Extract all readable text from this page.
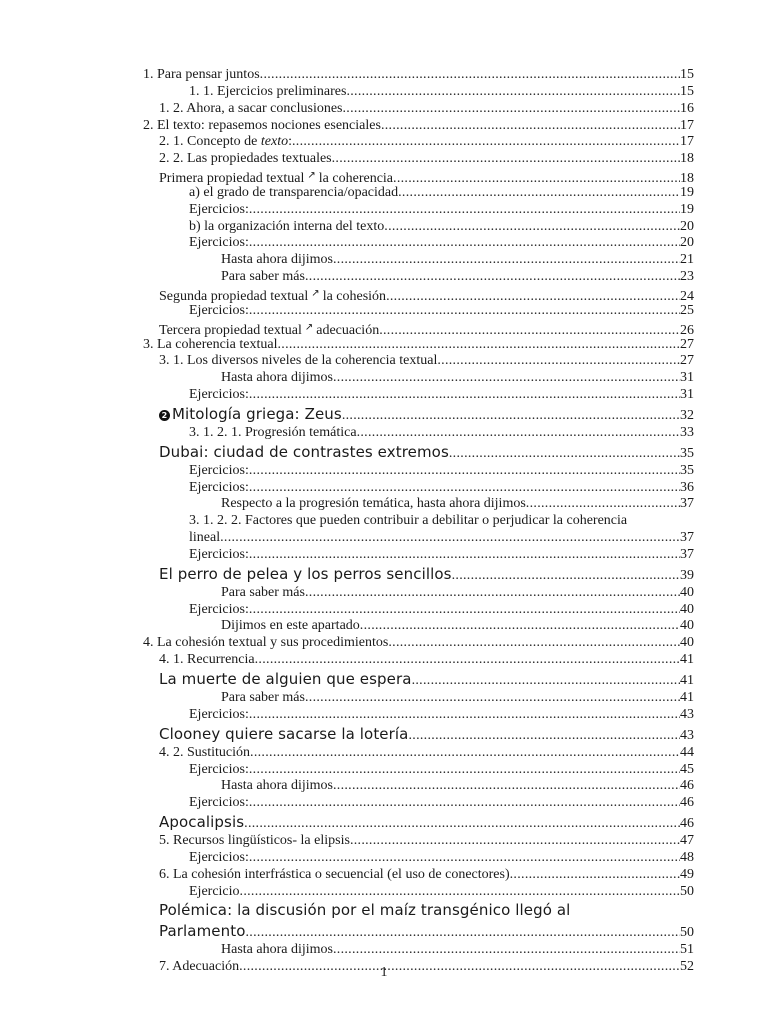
1. Para pensar juntos .....	15
1. 1. Ejercicios preliminares .....	15
1. 2. Ahora, a sacar conclusiones .....	16
2. El texto: repasemos nociones esenciales .....	17
2. 1. Concepto de texto: .....	17
2. 2. Las propiedades textuales .....	18
Primera propiedad textual ↗ la coherencia .....	18
a) el grado de transparencia/opacidad .....	19
Ejercicios: .....	19
b) la organización interna del texto .....	20
Ejercicios: .....	20
Hasta ahora dijimos .....	21
Para saber más .....	23
Segunda propiedad textual ↗ la cohesión .....	24
Ejercicios: .....	25
Tercera propiedad textual ↗ adecuación .....	26
3. La coherencia textual .....	27
3. 1. Los diversos niveles de la coherencia textual .....	27
Hasta ahora dijimos .....	31
Ejercicios: .....	31
2 Mitología griega: Zeus .....	32
3. 1. 2. 1. Progresión temática .....	33
Dubai: ciudad de contrastes extremos .....	35
Ejercicios: .....	35
Ejercicios: .....	36
Respecto a la progresión temática, hasta ahora dijimos .....	37
3. 1. 2. 2. Factores que pueden contribuir a debilitar o perjudicar la coherencia
lineal .....	37
Ejercicios: .....	37
El perro de pelea y los perros sencillos .....	39
Para saber más .....	40
Ejercicios: .....	40
Dijimos en este apartado .....	40
4. La cohesión textual y sus procedimientos .....	40
4. 1. Recurrencia .....	41
La muerte de alguien que espera .....	41
Para saber más .....	41
Ejercicios: .....	43
Clooney quiere sacarse la lotería .....	43
4. 2. Sustitución .....	44
Ejercicios: .....	45
Hasta ahora dijimos .....	46
Ejercicios: .....	46
Apocalipsis .....	46
5. Recursos lingüísticos- la elipsis .....	47
Ejercicios: .....	48
6. La cohesión interfrástica o secuencial (el uso de conectores) .....	49
Ejercicio .....	50
Polémica: la discusión por el maíz transgénico llegó al
Parlamento .....	50
Hasta ahora dijimos .....	51
7. Adecuación .....	52
1
